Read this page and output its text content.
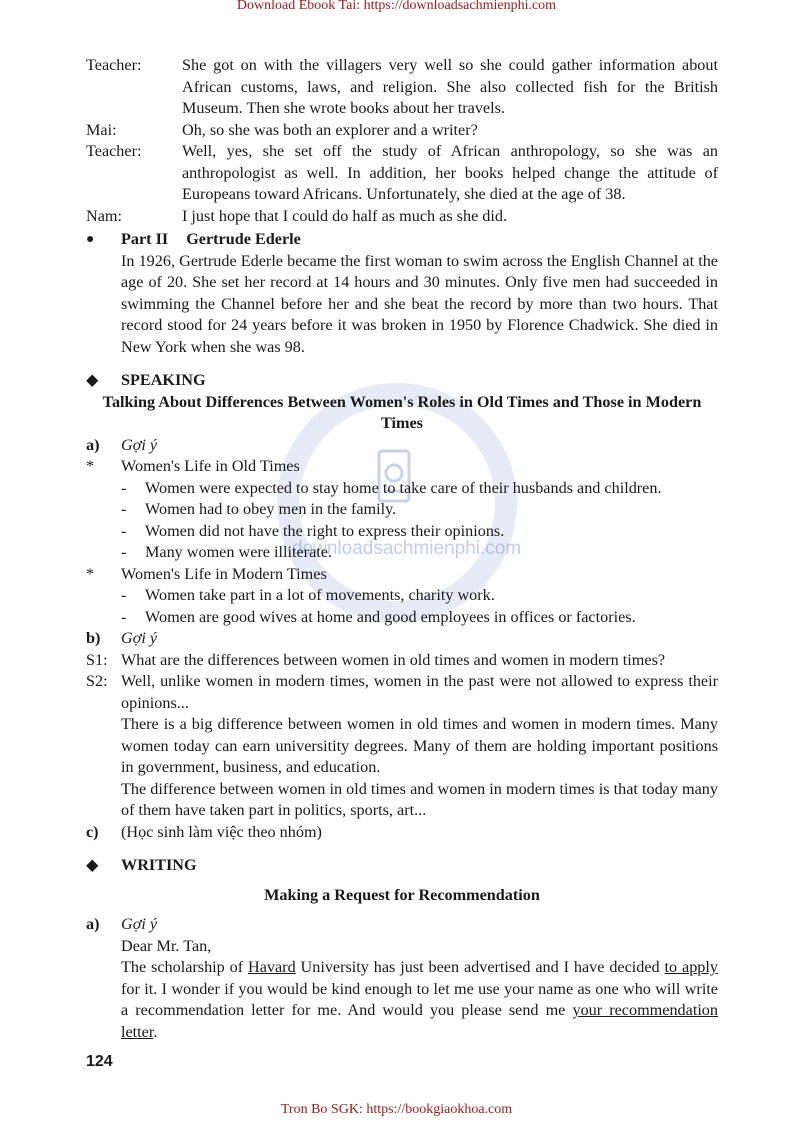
Download Ebook Tai: https://downloadsachmienphi.com
downloadsachmienphi.com
Teacher:	She got on with the villagers very well so she could gather information about African customs, laws, and religion. She also collected fish for the British Museum. Then she wrote books about her travels.
Mai:	Oh, so she was both an explorer and a writer?
Teacher:	Well, yes, she set off the study of African anthropology, so she was an anthropologist as well. In addition, her books helped change the attitude of Europeans toward Africans. Unfortunately, she died at the age of 38.
Nam:	I just hope that I could do half as much as she did.
●	Part II Gertrude Ederle
In 1926, Gertrude Ederle became the first woman to swim across the English Channel at the age of 20. She set her record at 14 hours and 30 minutes. Only five men had succeeded in swimming the Channel before her and she beat the record by more than two hours. That record stood for 24 years before it was broken in 1950 by Florence Chadwick. She died in New York when she was 98.
◆	SPEAKING
Talking About Differences Between Women's Roles in Old Times and Those in Modern Times
a)	Gợi ý
*	Women's Life in Old Times
-	Women were expected to stay home to take care of their husbands and children.
-	Women had to obey men in the family.
-	Women did not have the right to express their opinions.
-	Many women were illiterate.
*	Women's Life in Modern Times
-	Women take part in a lot of movements, charity work.
-	Women are good wives at home and good employees in offices or factories.
b)	Gợi ý
S1: What are the differences between women in old times and women in modern times?
S2: Well, unlike women in modern times, women in the past were not allowed to express their opinions...
There is a big difference between women in old times and women in modern times. Many women today can earn universitity degrees. Many of them are holding important positions in government, business, and education.
The difference between women in old times and women in modern times is that today many of them have taken part in politics, sports, art...
c)	(Học sinh làm việc theo nhóm)
◆	WRITING
Making a Request for Recommendation
a)	Gợi ý
Dear Mr. Tan,
The scholarship of Havard University has just been advertised and I have decided to apply for it. I wonder if you would be kind enough to let me use your name as one who will write a recommendation letter for me. And would you please send me your recommendation letter.
124
Tron Bo SGK: https://bookgiaokhoa.com
